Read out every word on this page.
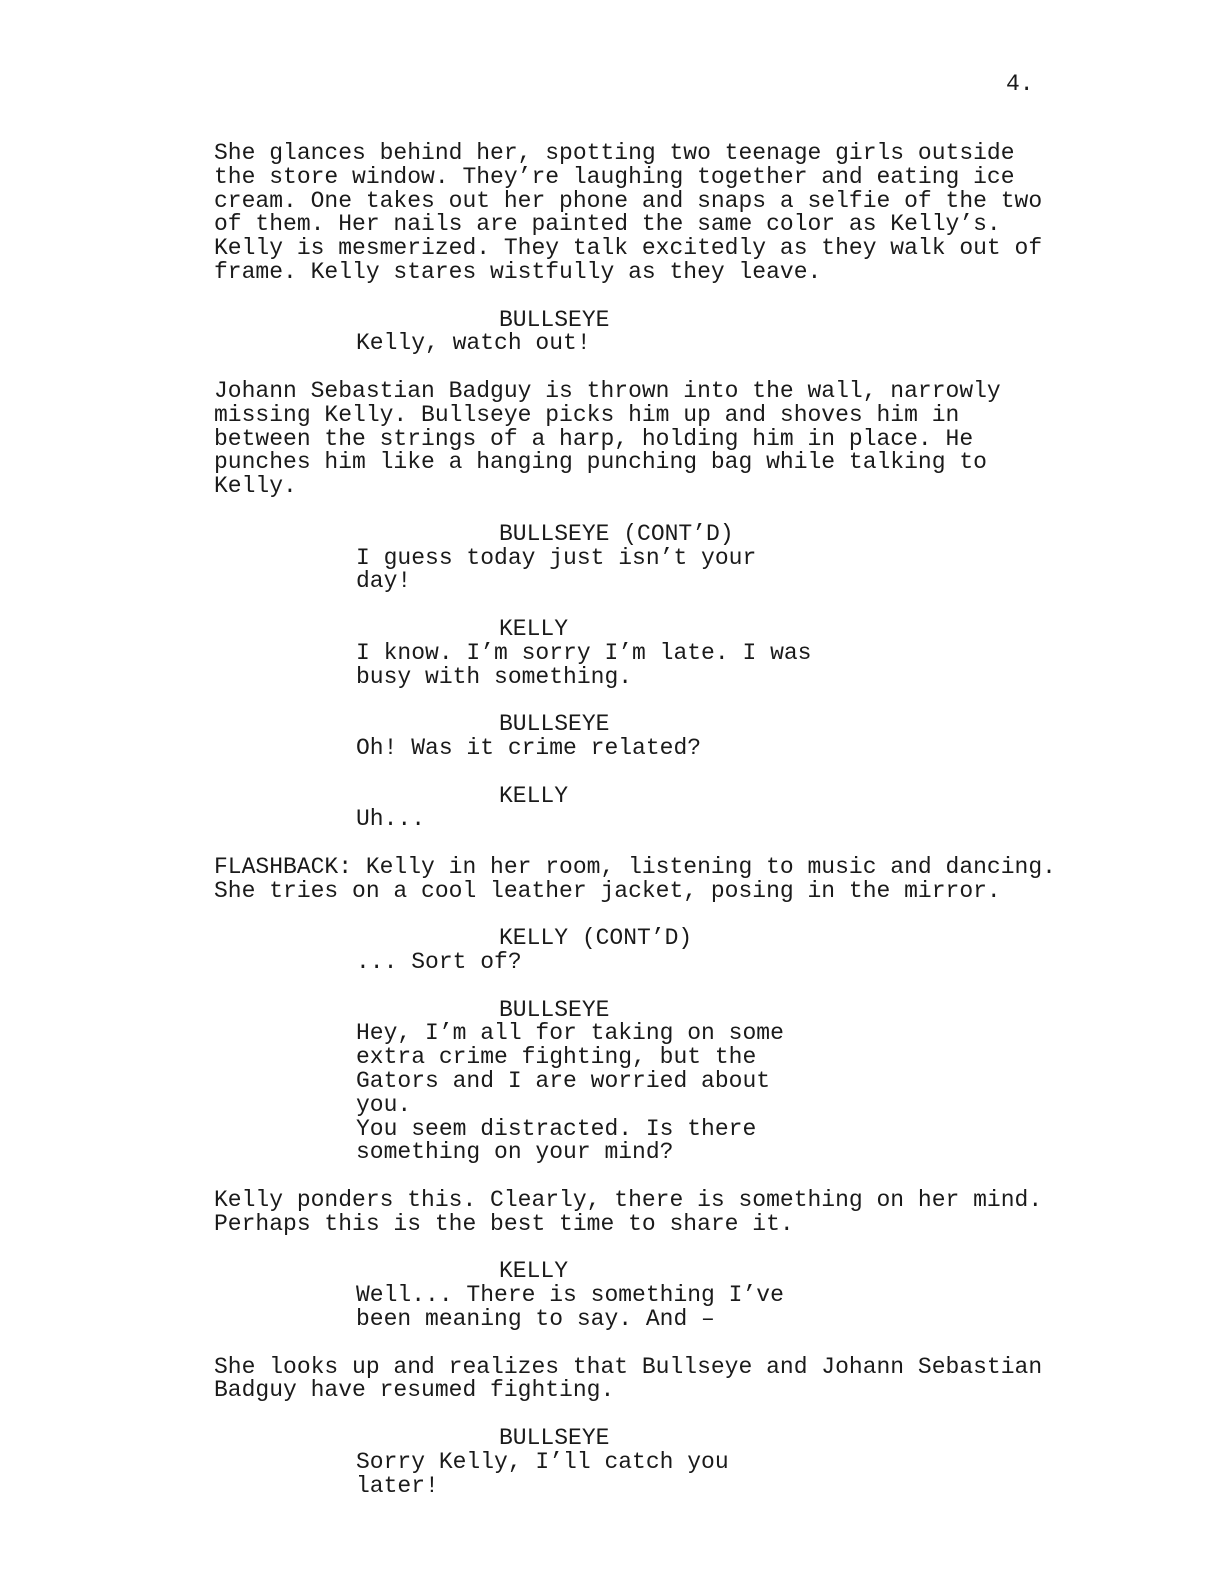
4.

She glances behind her, spotting two teenage girls outside
the store window. They’re laughing together and eating ice
cream. One takes out her phone and snaps a selfie of the two
of them. Her nails are painted the same color as Kelly’s.
Kelly is mesmerized. They talk excitedly as they walk out of
frame. Kelly stares wistfully as they leave.

BULLSEYE

Kelly, watch out!

Johann Sebastian Badguy is thrown into the wall, narrowly
missing Kelly. Bullseye picks him up and shoves him in
between the strings of a harp, holding him in place. He
punches him like a hanging punching bag while talking to
Kelly.

BULLSEYE (CONT’D)

I guess today just isn’t your day!

KELLY

I know. I’m sorry I’m late. I was
busy with something.

BULLSEYE

Oh! Was it crime related?

KELLY

Uh...

FLASHBACK: Kelly in her room, listening to music and dancing.
She tries on a cool leather jacket, posing in the mirror.

KELLY (CONT’D)

... Sort of?

BULLSEYE

Hey, I’m all for taking on some
extra crime fighting, but the
Gators and I are worried about you.
You seem distracted. Is there
something on your mind?

Kelly ponders this. Clearly, there is something on her mind.
Perhaps this is the best time to share it.

KELLY

Well... There is something I’ve
been meaning to say. And –

She looks up and realizes that Bullseye and Johann Sebastian
Badguy have resumed fighting.

BULLSEYE

Sorry Kelly, I’ll catch you later!
